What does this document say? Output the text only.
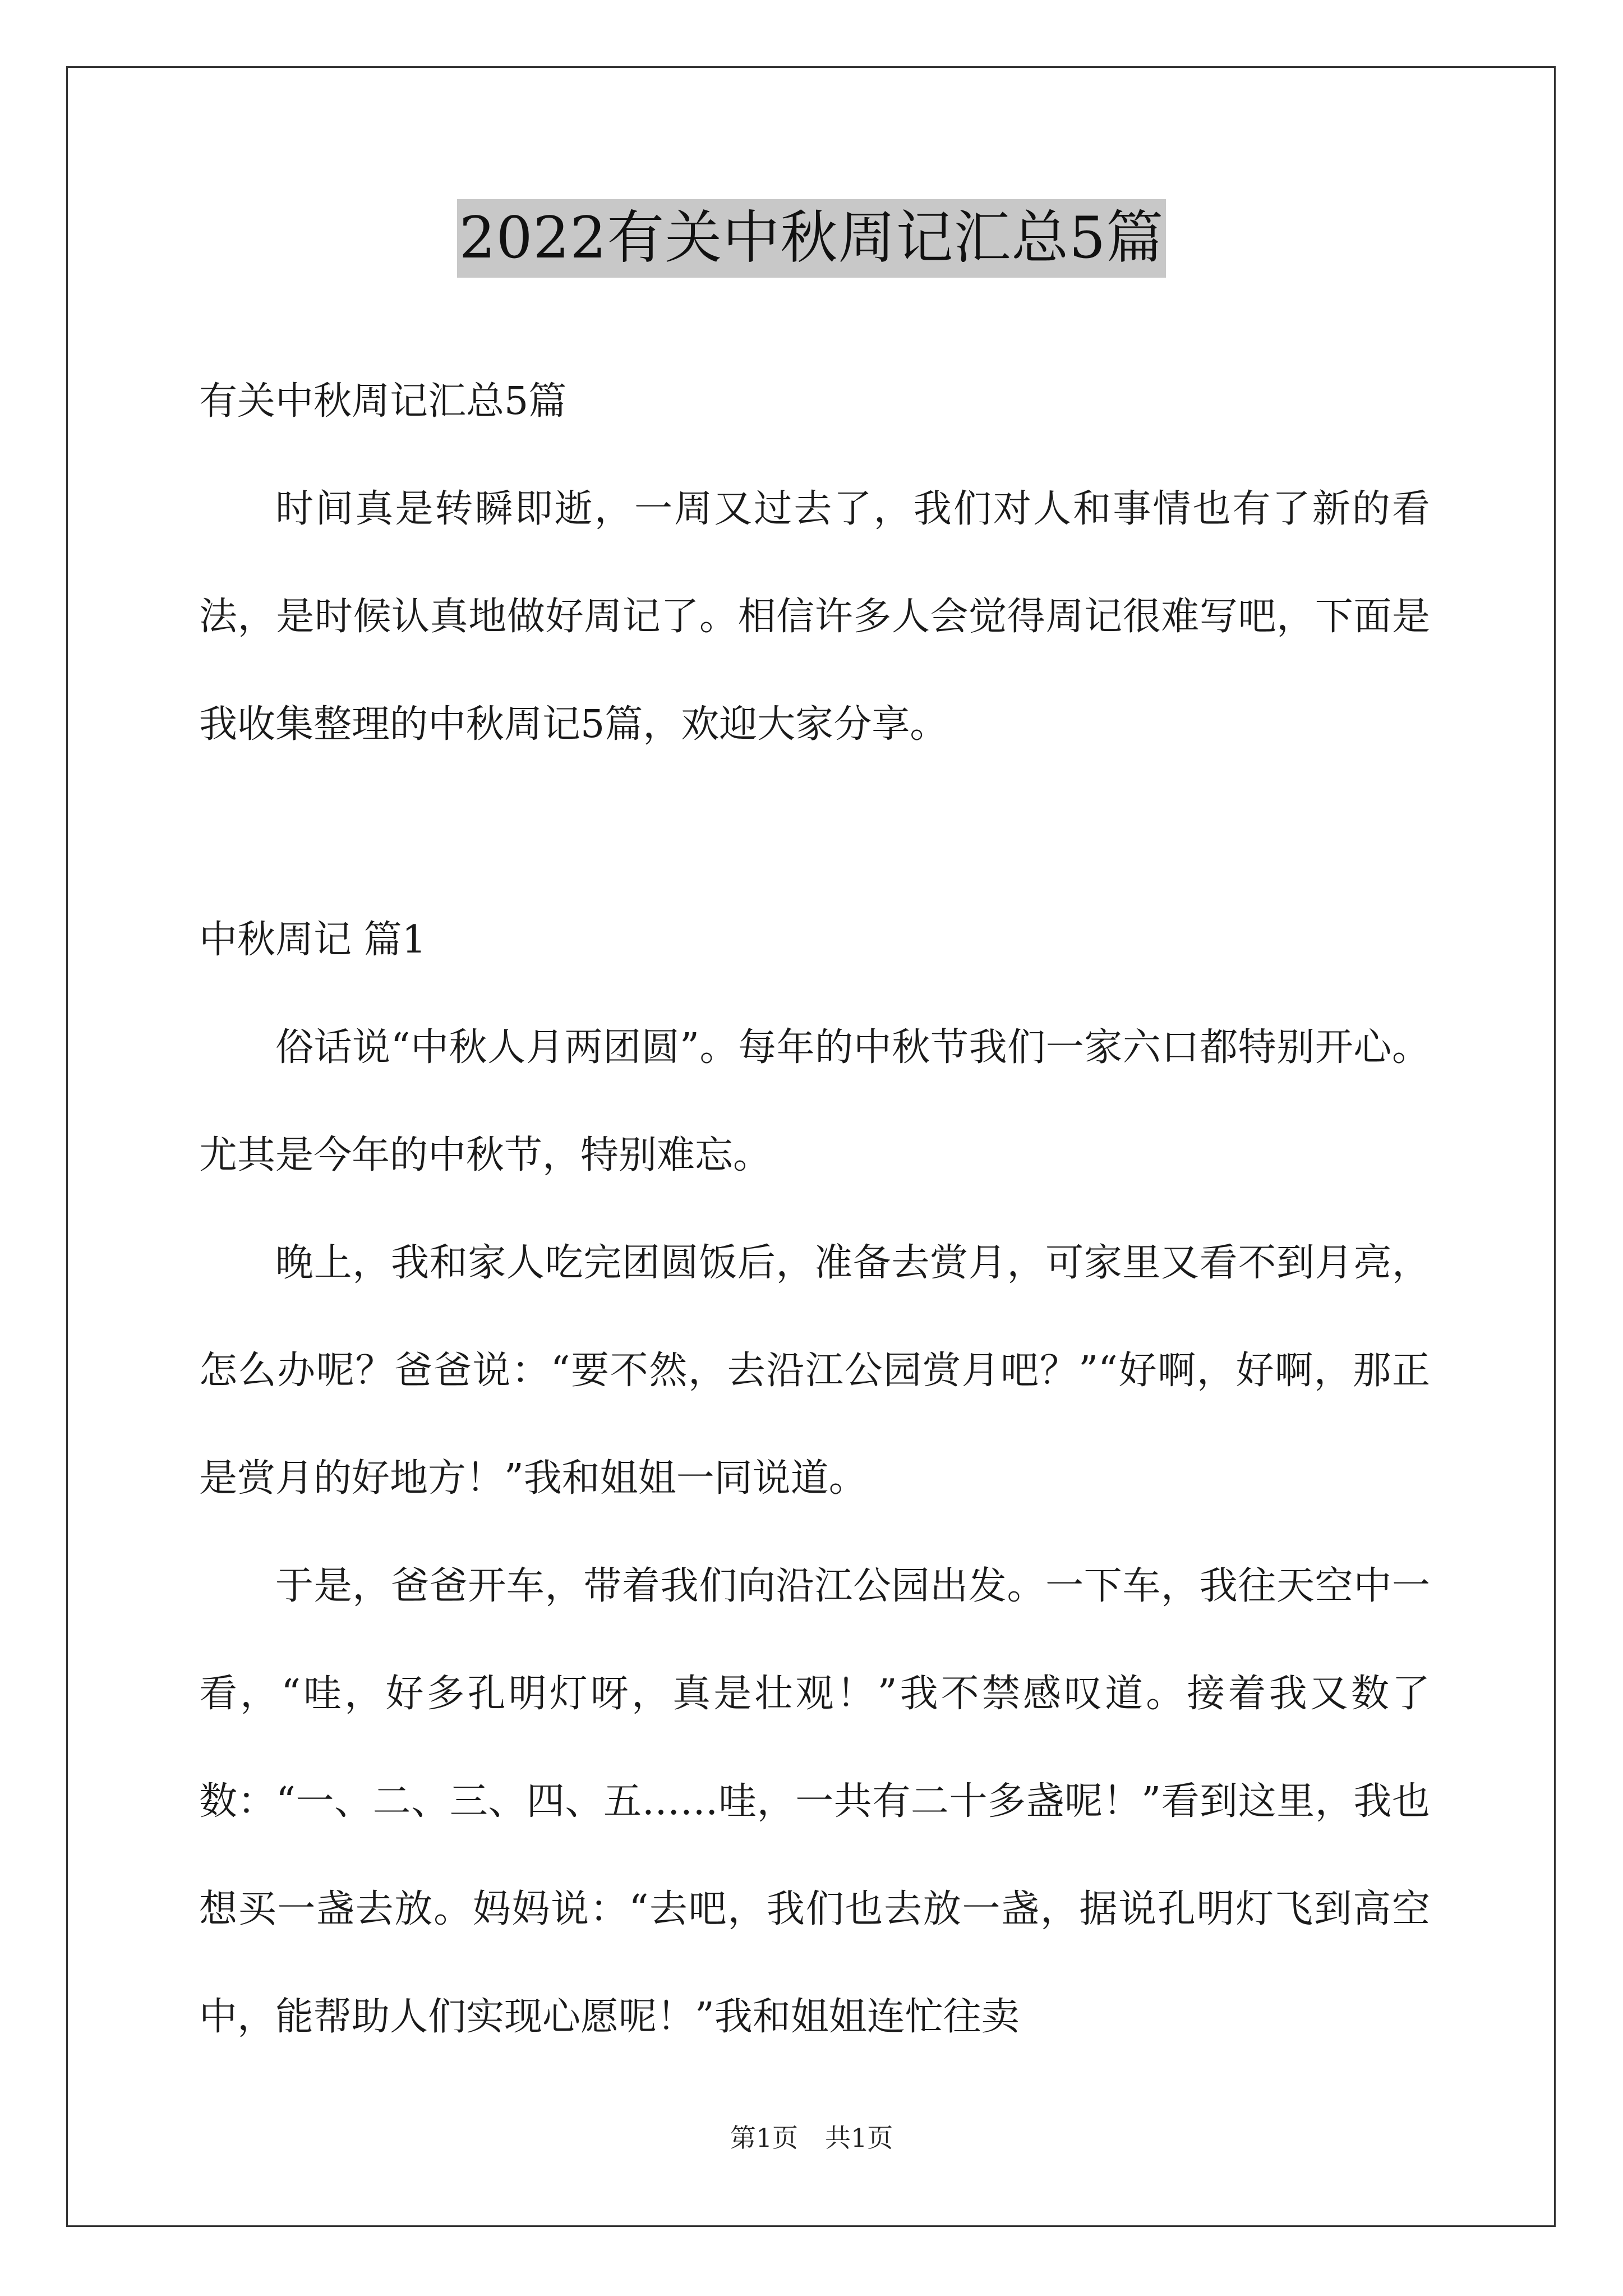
2022有关中秋周记汇总5篇

有关中秋周记汇总5篇

时间真是转瞬即逝，一周又过去了，我们对人和事情也有了新的看法，是时候认真地做好周记了。相信许多人会觉得周记很难写吧，下面是我收集整理的中秋周记5篇，欢迎大家分享。

中秋周记 篇1

俗话说“中秋人月两团圆”。每年的中秋节我们一家六口都特别开心。尤其是今年的中秋节，特别难忘。

晚上，我和家人吃完团圆饭后，准备去赏月，可家里又看不到月亮，怎么办呢？爸爸说：“要不然，去沿江公园赏月吧？”“好啊，好啊，那正是赏月的好地方！”我和姐姐一同说道。

于是，爸爸开车，带着我们向沿江公园出发。一下车，我往天空中一看，“哇，好多孔明灯呀，真是壮观！”我不禁感叹道。接着我又数了数：“一、二、三、四、五……哇，一共有二十多盏呢！”看到这里，我也想买一盏去放。妈妈说：“去吧，我们也去放一盏，据说孔明灯飞到高空中，能帮助人们实现心愿呢！”我和姐姐连忙往卖

第1页 共1页
